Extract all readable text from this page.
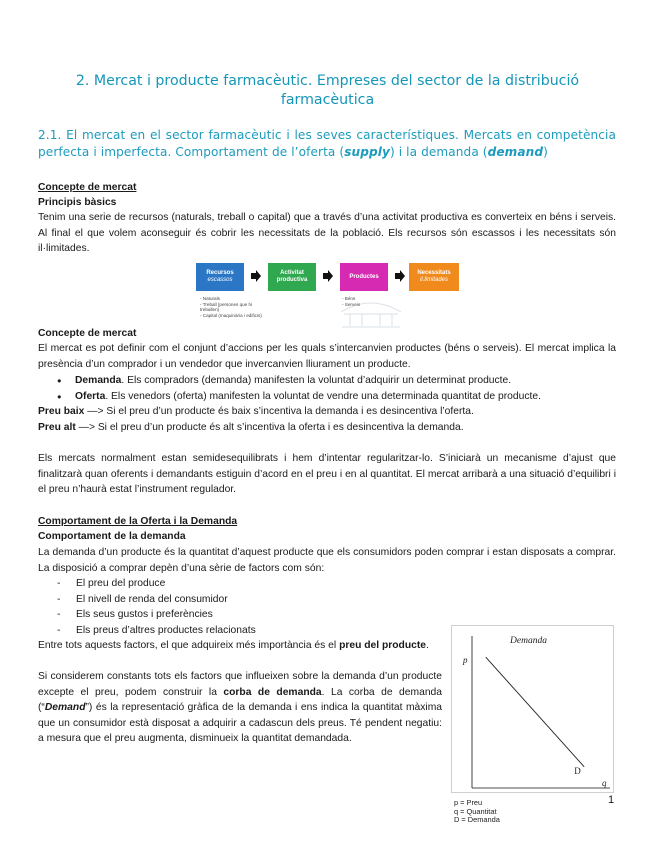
2. Mercat i producte farmacèutic. Empreses del sector de la distribució farmacèutica
2.1. El mercat en el sector farmacèutic i les seves característiques. Mercats en competència perfecta i imperfecta. Comportament de l’oferta (supply) i la demanda (demand)
Concepte de mercat
Principis bàsics
Tenim una serie de recursos (naturals, treball o capital) que a través d’una activitat productiva es converteix en béns i serveis. Al final el que volem aconseguir és cobrir les necessitats de la població. Els recursos són escassos i les necessitats són il·limitades.
Recursos
escassos
Activitat
productiva
Productes
Necessitats
il.limitades
- Naturals
- Treball (persones que hi
treballen)
- Capital (maquinària i edificis)
- Béns
- Serveis
Concepte de mercat
El mercat es pot definir com el conjunt d’accions per les quals s’intercanvien productes (béns o serveis). El mercat implica la presència d’un comprador i un vendedor que invercanvien lliurament un producte.
● Demanda. Els compradors (demanda) manifesten la voluntat d’adquirir un determinat producte.
● Oferta. Els venedors (oferta) manifesten la voluntat de vendre una determinada quantitat de producte.
Preu baix —> Si el preu d’un producte és baix s’incentiva la demanda i es desincentiva l’oferta.
Preu alt —> Si el preu d’un producte és alt s’incentiva la oferta i es desincentiva la demanda.
Els mercats normalment estan semidesequilibrats i hem d’intentar regularitzar-lo. S’iniciarà un mecanisme d’ajust que finalitzarà quan oferents i demandants estiguin d’acord en el preu i en al quantitat. El mercat arribarà a una situació d’equilibri i el preu n’haurà estat l’instrument regulador.
Comportament de la Oferta i la Demanda
Comportament de la demanda
La demanda d’un producte és la quantitat d’aquest producte que els consumidors poden comprar i estan disposats a comprar. La disposició a comprar depèn d’una sèrie de factors com són:
- El preu del produce
- El nivell de renda del consumidor
- Els seus gustos i preferències
- Els preus d’altres productes relacionats
Entre tots aquests factors, el que adquireix més importància és el preu del producte.
Si considerem constants tots els factors que influeixen sobre la demanda d’un producte excepte el preu, podem construir la corba de demanda. La corba de demanda (“Demand”) és la representació gràfica de la demanda i ens indica la quantitat màxima que un consumidor està disposat a adquirir a cadascun dels preus. Té pendent negatiu: a mesura que el preu augmenta, disminueix la quantitat demandada.
Demanda
p
q
D
p = Preu
q = Quantitat
D = Demanda
1
